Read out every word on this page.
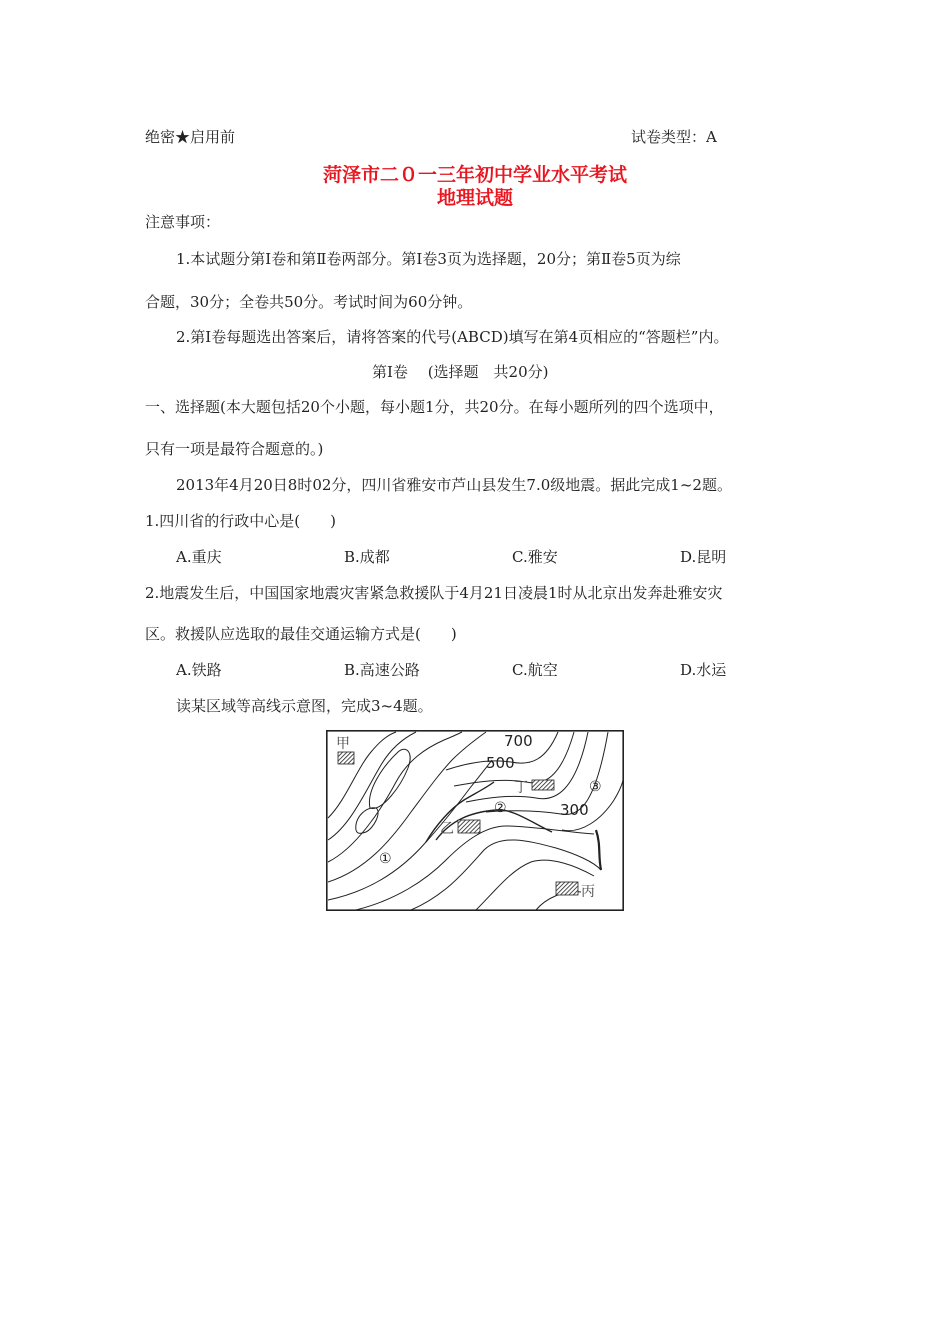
绝密★启用前	试卷类型：A
菏泽市二０一三年初中学业水平考试
地理试题
注意事项：
1.本试题分第Ⅰ卷和第Ⅱ卷两部分。第Ⅰ卷3页为选择题，20分；第Ⅱ卷5页为综
合题，30分；全卷共50分。考试时间为60分钟。
2.第Ⅰ卷每题选出答案后，请将答案的代号(ABCD)填写在第4页相应的“答题栏”内。
第Ⅰ卷　 (选择题　共20分)
一、选择题(本大题包括20个小题，每小题1分，共20分。在每小题所列的四个选项中，
只有一项是最符合题意的。)
2013年4月20日8时02分，四川省雅安市芦山县发生7.0级地震。据此完成1~2题。
1.四川省的行政中心是(　　)
A.重庆	B.成都	C.雅安	D.昆明
2.地震发生后，中国国家地震灾害紧急救援队于4月21日凌晨1时从北京出发奔赴雅安灾
区。救援队应选取的最佳交通运输方式是(　　)
A.铁路	B.高速公路	C.航空	D.水运
读某区域等高线示意图，完成3~4题。
700
500
300
甲
乙
丁
丙
①
②
③
